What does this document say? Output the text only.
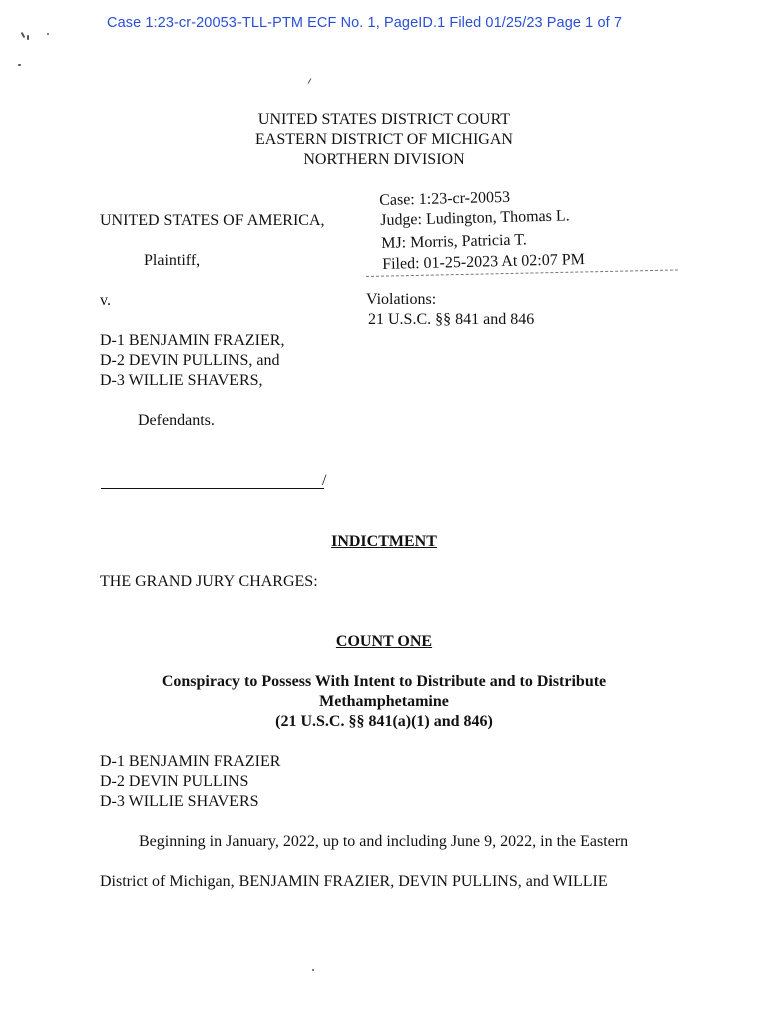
Case 1:23-cr-20053-TLL-PTM ECF No. 1, PageID.1 Filed 01/25/23 Page 1 of 7
UNITED STATES DISTRICT COURT
EASTERN DISTRICT OF MICHIGAN
NORTHERN DIVISION
Case: 1:23-cr-20053
Judge: Ludington, Thomas L.
MJ: Morris, Patricia T.
Filed: 01-25-2023 At 02:07 PM
UNITED STATES OF AMERICA,
Plaintiff,
v.	Violations:
21 U.S.C. §§ 841 and 846
D-1 BENJAMIN FRAZIER,
D-2 DEVIN PULLINS, and
D-3 WILLIE SHAVERS,
Defendants.
/
INDICTMENT
THE GRAND JURY CHARGES:
COUNT ONE
Conspiracy to Possess With Intent to Distribute and to Distribute
Methamphetamine
(21 U.S.C. §§ 841(a)(1) and 846)
D-1 BENJAMIN FRAZIER
D-2 DEVIN PULLINS
D-3 WILLIE SHAVERS
Beginning in January, 2022, up to and including June 9, 2022, in the Eastern
District of Michigan, BENJAMIN FRAZIER, DEVIN PULLINS, and WILLIE
